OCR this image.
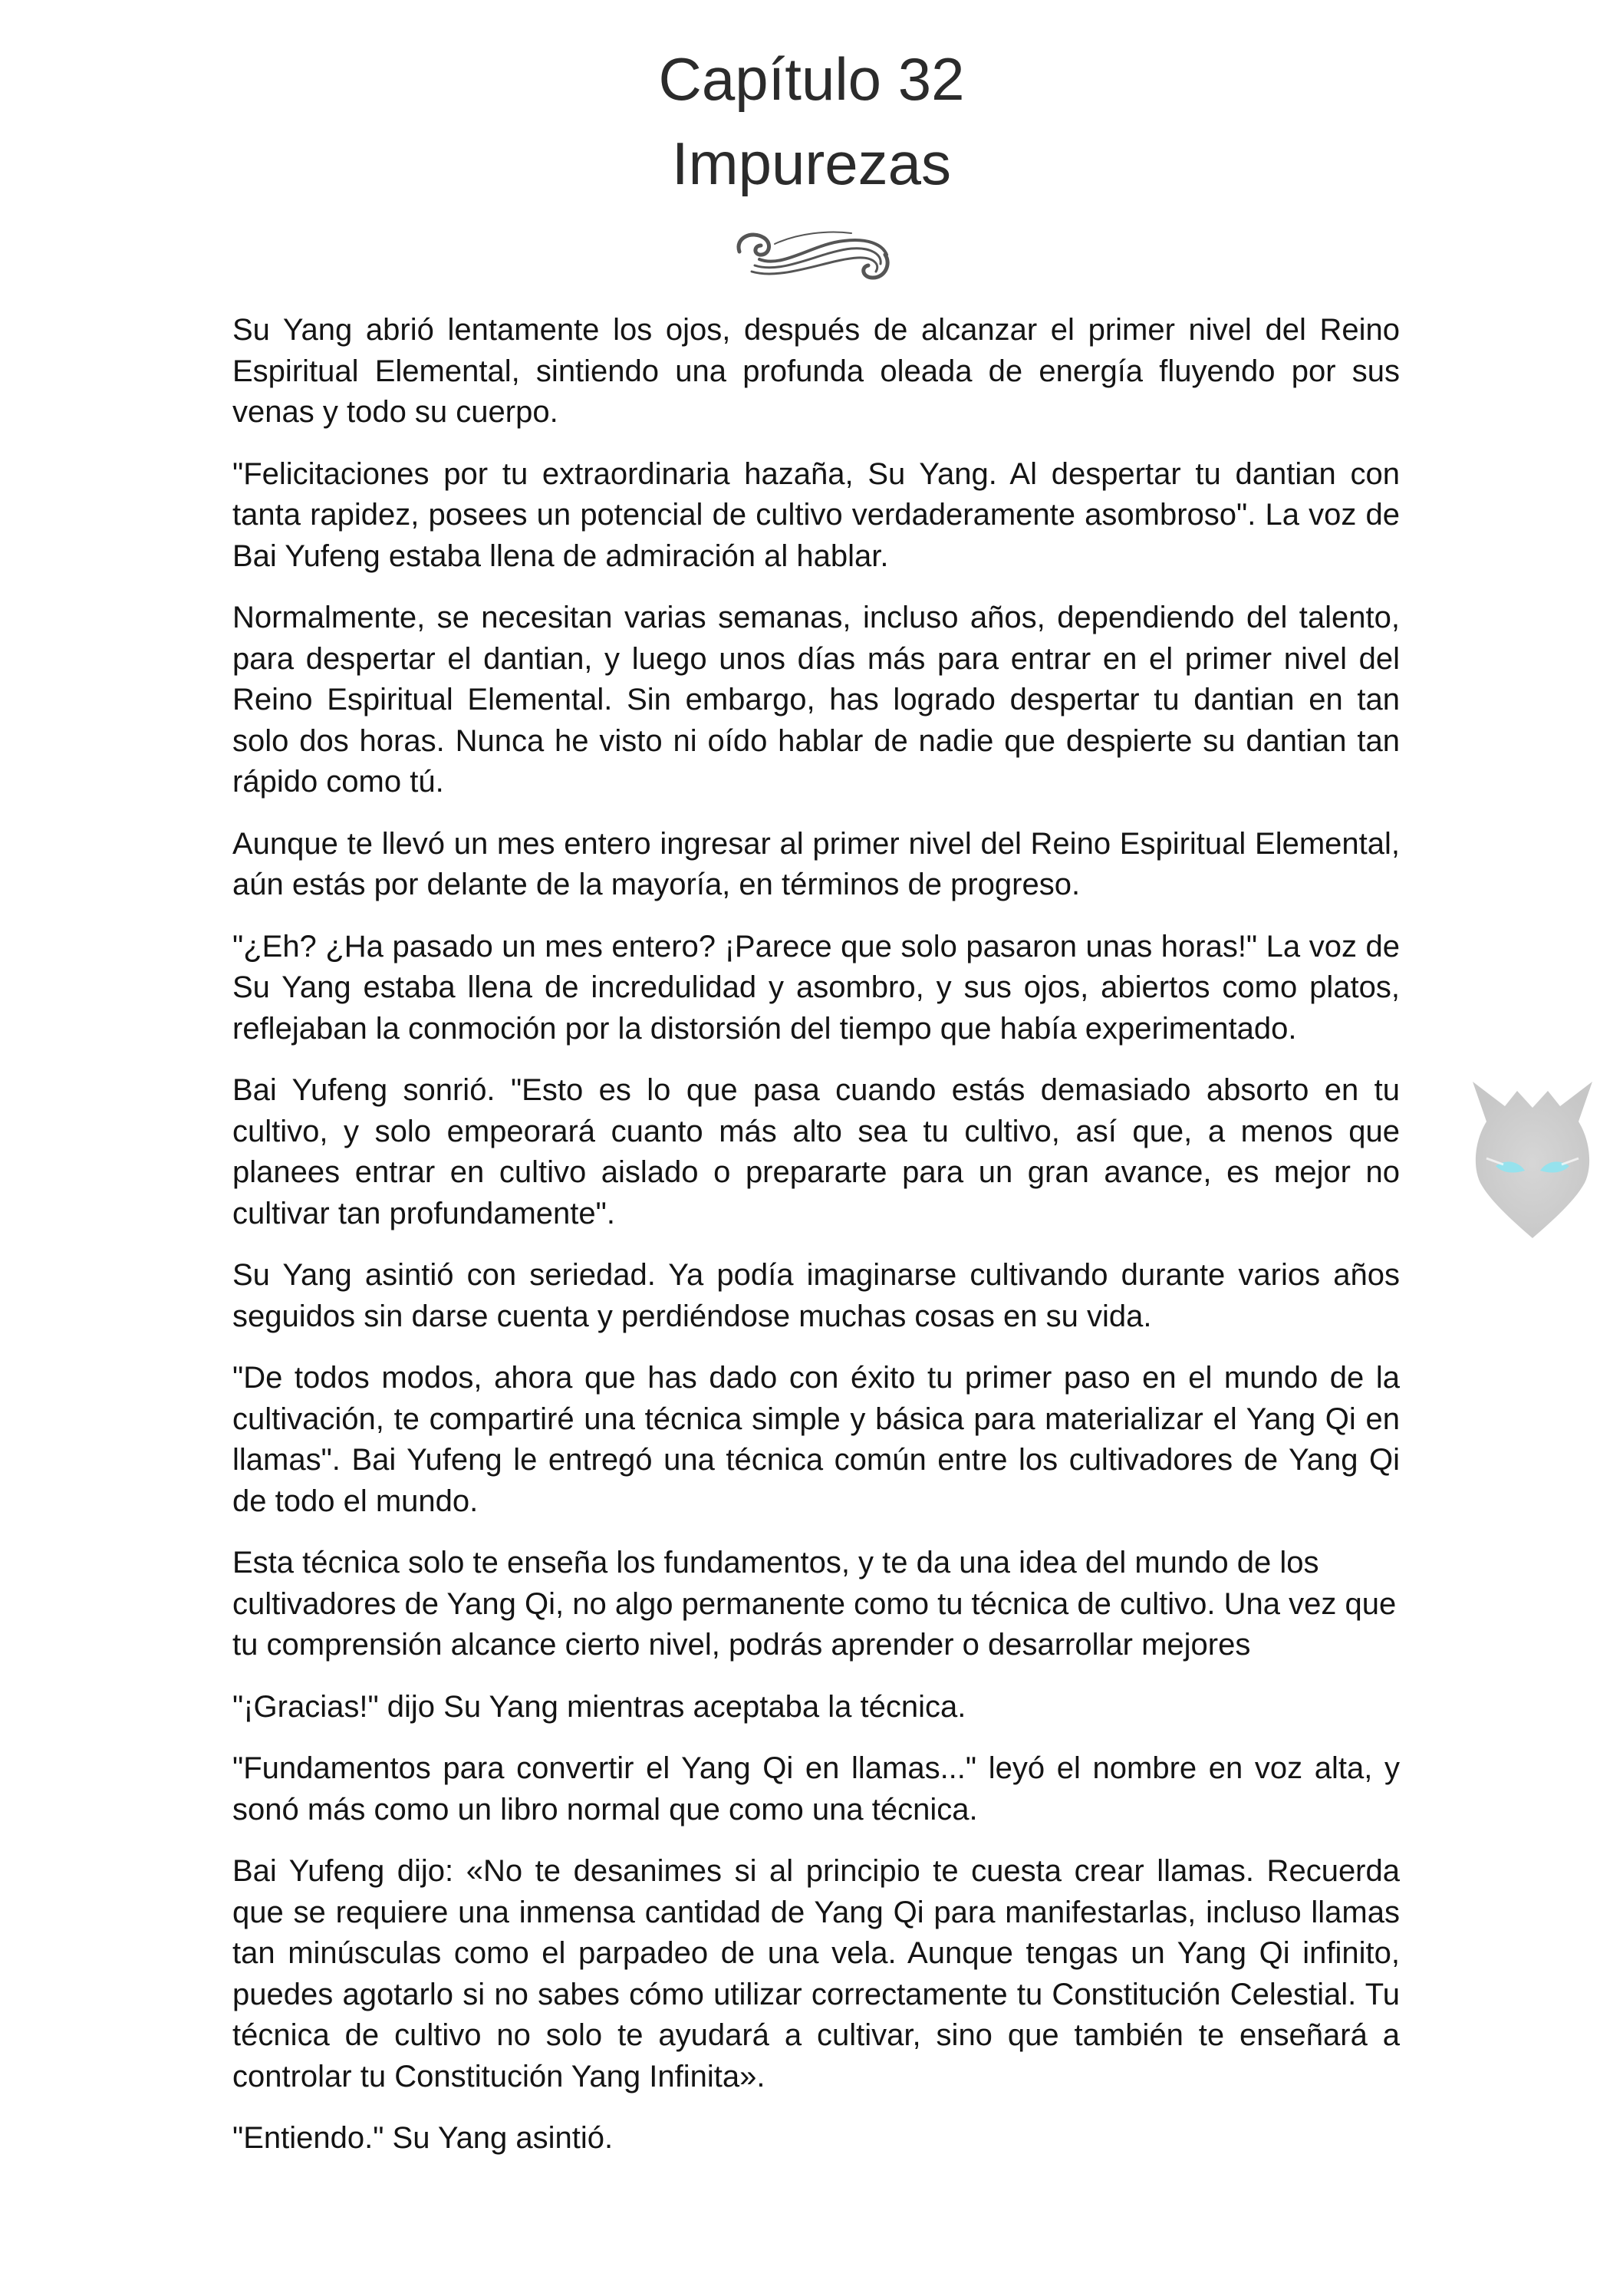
Capítulo 32
Impurezas

Su Yang abrió lentamente los ojos, después de alcanzar el primer nivel del Reino Espiritual Elemental, sintiendo una profunda oleada de energía fluyendo por sus venas y todo su cuerpo.

"Felicitaciones por tu extraordinaria hazaña, Su Yang. Al despertar tu dantian con tanta rapidez, posees un potencial de cultivo verdaderamente asombroso". La voz de Bai Yufeng estaba llena de admiración al hablar.

Normalmente, se necesitan varias semanas, incluso años, dependiendo del talento, para despertar el dantian, y luego unos días más para entrar en el primer nivel del Reino Espiritual Elemental. Sin embargo, has logrado despertar tu dantian en tan solo dos horas. Nunca he visto ni oído hablar de nadie que despierte su dantian tan rápido como tú.

Aunque te llevó un mes entero ingresar al primer nivel del Reino Espiritual Elemental, aún estás por delante de la mayoría, en términos de progreso.

"¿Eh? ¿Ha pasado un mes entero? ¡Parece que solo pasaron unas horas!" La voz de Su Yang estaba llena de incredulidad y asombro, y sus ojos, abiertos como platos, reflejaban la conmoción por la distorsión del tiempo que había experimentado.

Bai Yufeng sonrió. "Esto es lo que pasa cuando estás demasiado absorto en tu cultivo, y solo empeorará cuanto más alto sea tu cultivo, así que, a menos que planees entrar en cultivo aislado o prepararte para un gran avance, es mejor no cultivar tan profundamente".

Su Yang asintió con seriedad. Ya podía imaginarse cultivando durante varios años seguidos sin darse cuenta y perdiéndose muchas cosas en su vida.

"De todos modos, ahora que has dado con éxito tu primer paso en el mundo de la cultivación, te compartiré una técnica simple y básica para materializar el Yang Qi en llamas". Bai Yufeng le entregó una técnica común entre los cultivadores de Yang Qi de todo el mundo.

Esta técnica solo te enseña los fundamentos, y te da una idea del mundo de los cultivadores de Yang Qi, no algo permanente como tu técnica de cultivo. Una vez que tu comprensión alcance cierto nivel, podrás aprender o desarrollar mejores

"¡Gracias!" dijo Su Yang mientras aceptaba la técnica.

"Fundamentos para convertir el Yang Qi en llamas..." leyó el nombre en voz alta, y sonó más como un libro normal que como una técnica.

Bai Yufeng dijo: «No te desanimes si al principio te cuesta crear llamas. Recuerda que se requiere una inmensa cantidad de Yang Qi para manifestarlas, incluso llamas tan minúsculas como el parpadeo de una vela. Aunque tengas un Yang Qi infinito, puedes agotarlo si no sabes cómo utilizar correctamente tu Constitución Celestial. Tu técnica de cultivo no solo te ayudará a cultivar, sino que también te enseñará a controlar tu Constitución Yang Infinita».

"Entiendo." Su Yang asintió.
